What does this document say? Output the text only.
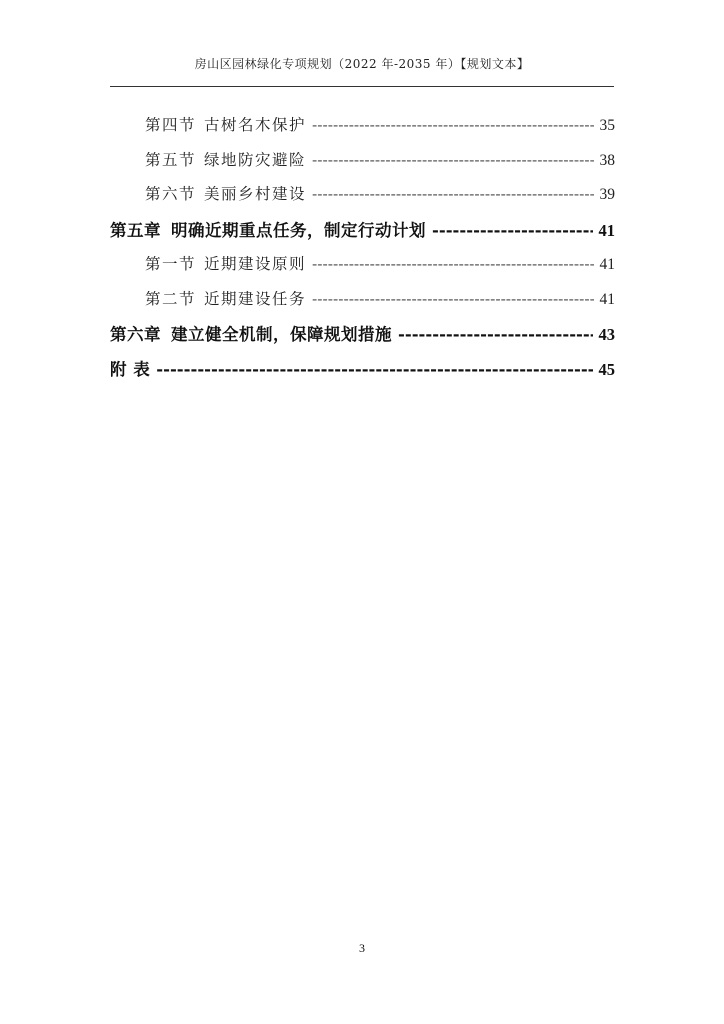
房山区园林绿化专项规划（2022 年-2035 年）【规划文本】
第四节 古树名木保护 -----	35
第五节 绿地防灾避险 -----	38
第六节 美丽乡村建设 -----	39
第五章 明确近期重点任务，制定行动计划 -----	41
第一节 近期建设原则 -----	41
第二节 近期建设任务 -----	41
第六章 建立健全机制，保障规划措施 -----	43
附 表 -----	45
3
